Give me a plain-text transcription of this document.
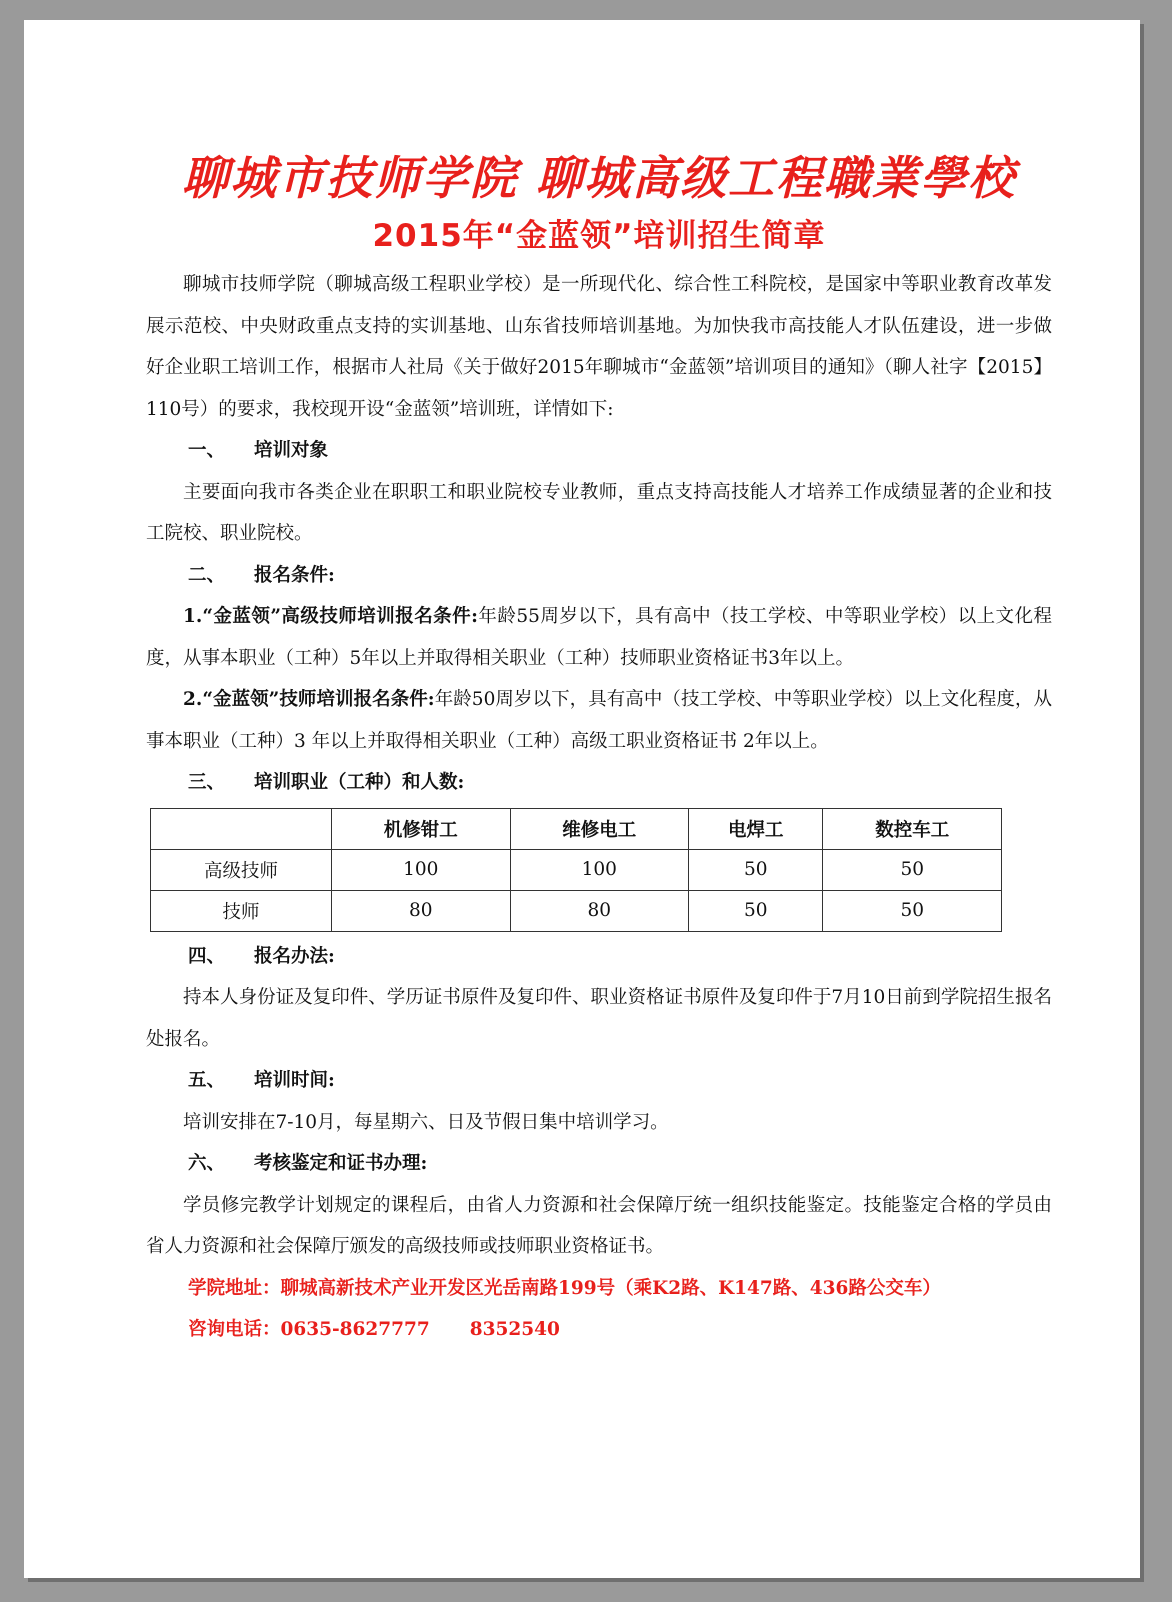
聊城市技师学院 聊城高级工程職業學校
2015年“金蓝领”培训招生简章

聊城市技师学院（聊城高级工程职业学校）是一所现代化、综合性工科院校，是国家中等职业教育改革发展示范校、中央财政重点支持的实训基地、山东省技师培训基地。为加快我市高技能人才队伍建设，进一步做好企业职工培训工作，根据市人社局《关于做好2015年聊城市“金蓝领”培训项目的通知》（聊人社字【2015】110号）的要求，我校现开设“金蓝领”培训班，详情如下:

一、 培训对象

主要面向我市各类企业在职职工和职业院校专业教师，重点支持高技能人才培养工作成绩显著的企业和技工院校、职业院校。

二、 报名条件:

1.“金蓝领”高级技师培训报名条件:年龄55周岁以下，具有高中（技工学校、中等职业学校）以上文化程度，从事本职业（工种）5年以上并取得相关职业（工种）技师职业资格证书3年以上。

2.“金蓝领”技师培训报名条件:年龄50周岁以下，具有高中（技工学校、中等职业学校）以上文化程度，从事本职业（工种）3 年以上并取得相关职业（工种）高级工职业资格证书 2年以上。

三、 培训职业（工种）和人数:

	机修钳工	维修电工	电焊工	数控车工
高级技师	100	100	50	50
技师	80	80	50	50

四、 报名办法:

持本人身份证及复印件、学历证书原件及复印件、职业资格证书原件及复印件于7月10日前到学院招生报名处报名。

五、 培训时间:

培训安排在7-10月，每星期六、日及节假日集中培训学习。

六、 考核鉴定和证书办理:

学员修完教学计划规定的课程后，由省人力资源和社会保障厅统一组织技能鉴定。技能鉴定合格的学员由省人力资源和社会保障厅颁发的高级技师或技师职业资格证书。

学院地址：聊城高新技术产业开发区光岳南路199号（乘K2路、K147路、436路公交车）

咨询电话：0635-8627777 8352540
